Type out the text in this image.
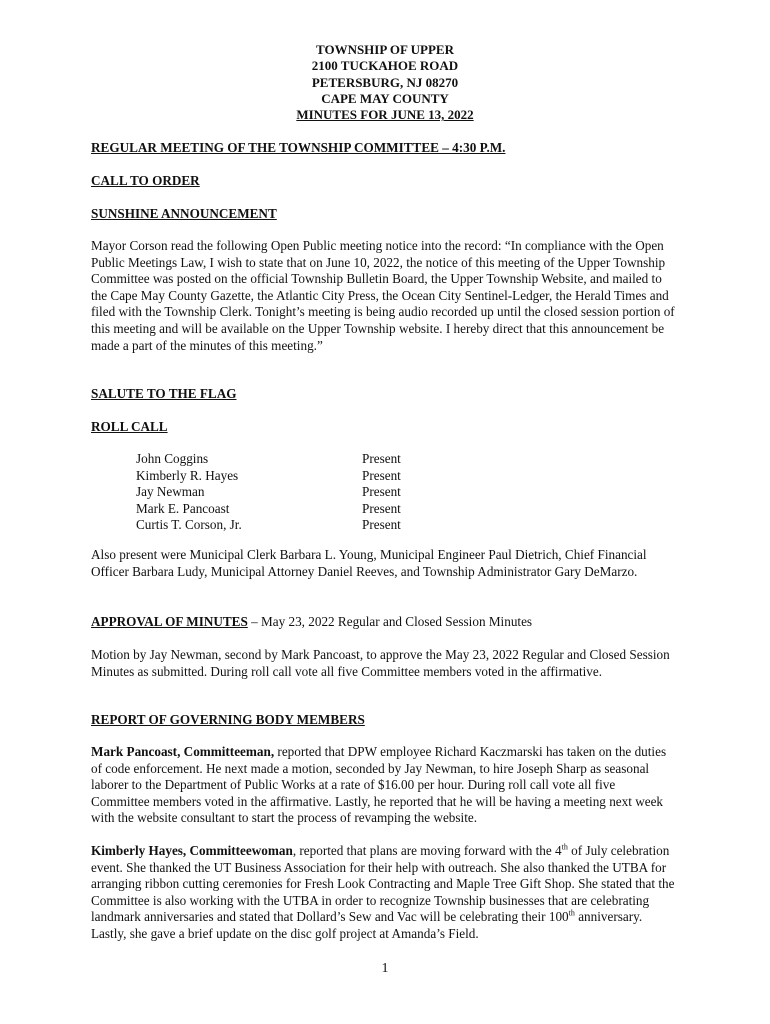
TOWNSHIP OF UPPER
2100 TUCKAHOE ROAD
PETERSBURG, NJ 08270
CAPE MAY COUNTY
MINUTES FOR JUNE 13, 2022
REGULAR MEETING OF THE TOWNSHIP COMMITTEE – 4:30 P.M.
CALL TO ORDER
SUNSHINE ANNOUNCEMENT
Mayor Corson read the following Open Public meeting notice into the record: “In compliance with the Open Public Meetings Law, I wish to state that on June 10, 2022, the notice of this meeting of the Upper Township Committee was posted on the official Township Bulletin Board, the Upper Township Website, and mailed to the Cape May County Gazette, the Atlantic City Press, the Ocean City Sentinel-Ledger, the Herald Times and filed with the Township Clerk. Tonight’s meeting is being audio recorded up until the closed session portion of this meeting and will be available on the Upper Township website. I hereby direct that this announcement be made a part of the minutes of this meeting.”
SALUTE TO THE FLAG
ROLL CALL
John Coggins	Present
Kimberly R. Hayes	Present
Jay Newman	Present
Mark E. Pancoast	Present
Curtis T. Corson, Jr.	Present
Also present were Municipal Clerk Barbara L. Young, Municipal Engineer Paul Dietrich, Chief Financial Officer Barbara Ludy, Municipal Attorney Daniel Reeves, and Township Administrator Gary DeMarzo.
APPROVAL OF MINUTES – May 23, 2022 Regular and Closed Session Minutes
Motion by Jay Newman, second by Mark Pancoast, to approve the May 23, 2022 Regular and Closed Session Minutes as submitted. During roll call vote all five Committee members voted in the affirmative.
REPORT OF GOVERNING BODY MEMBERS
Mark Pancoast, Committeeman, reported that DPW employee Richard Kaczmarski has taken on the duties of code enforcement. He next made a motion, seconded by Jay Newman, to hire Joseph Sharp as seasonal laborer to the Department of Public Works at a rate of $16.00 per hour. During roll call vote all five Committee members voted in the affirmative. Lastly, he reported that he will be having a meeting next week with the website consultant to start the process of revamping the website.
Kimberly Hayes, Committeewoman, reported that plans are moving forward with the 4th of July celebration event. She thanked the UT Business Association for their help with outreach. She also thanked the UTBA for arranging ribbon cutting ceremonies for Fresh Look Contracting and Maple Tree Gift Shop. She stated that the Committee is also working with the UTBA in order to recognize Township businesses that are celebrating landmark anniversaries and stated that Dollard’s Sew and Vac will be celebrating their 100th anniversary. Lastly, she gave a brief update on the disc golf project at Amanda’s Field.
1
